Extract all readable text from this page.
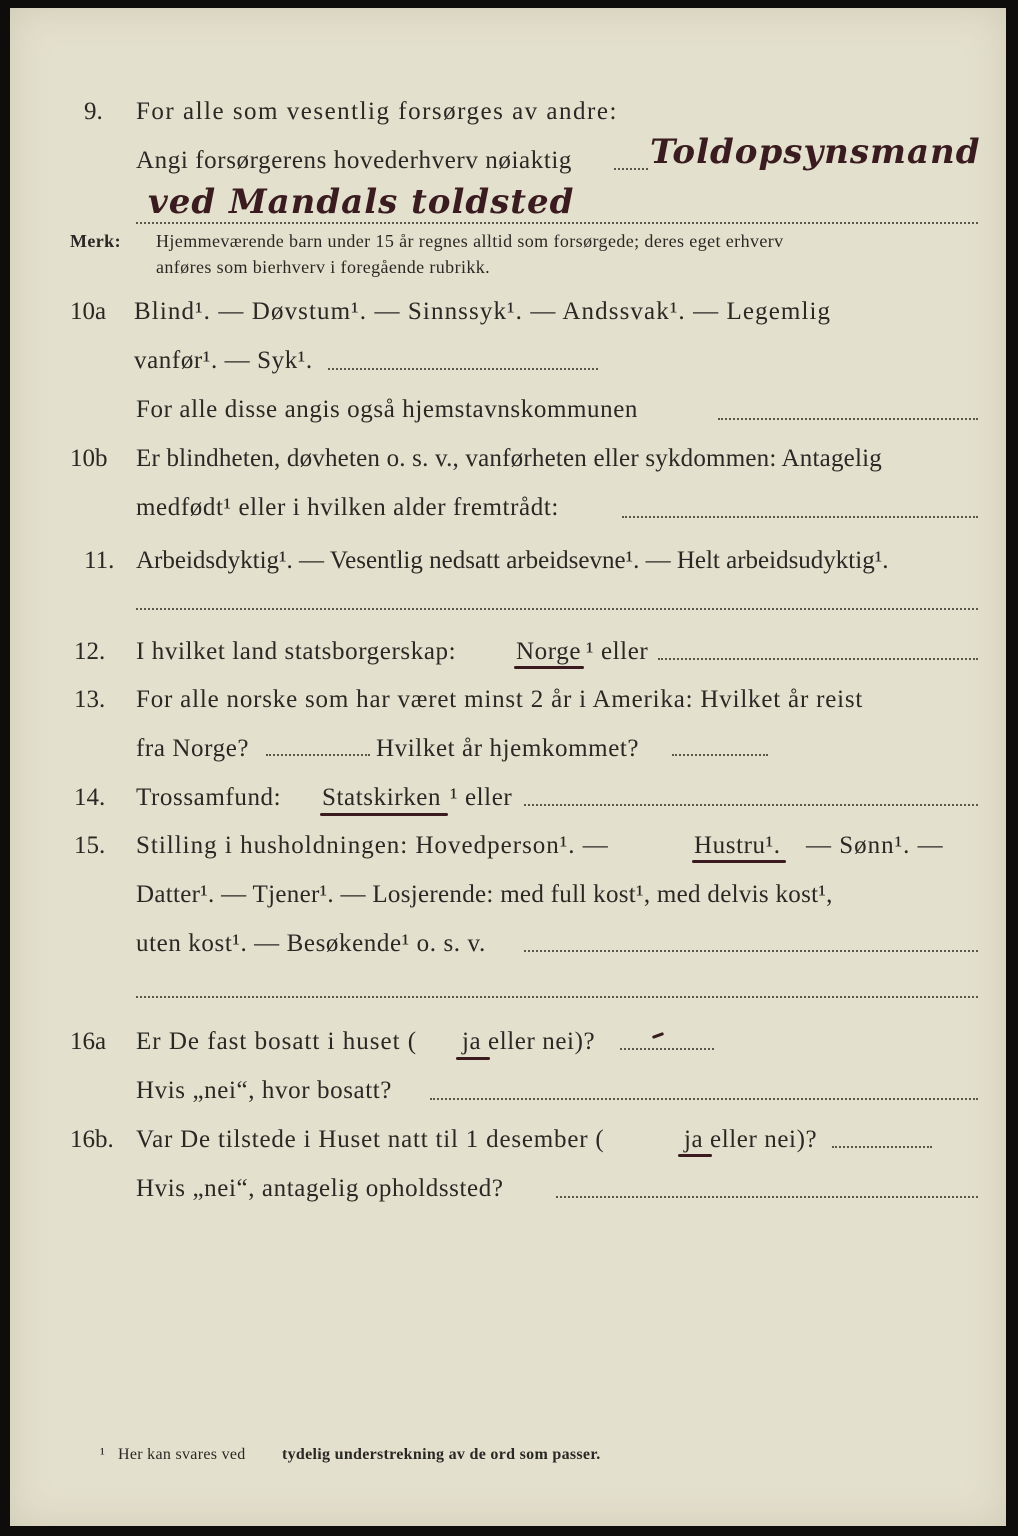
9. For alle som vesentlig forsørges av andre:
Angi forsørgerens hovederhverv nøiaktig Toldopsynsmand
ved Mandals toldsted
Merk: Hjemmeværende barn under 15 år regnes alltid som forsørgede; deres eget erhverv
anføres som bierhverv i foregående rubrikk.
10a Blind¹. — Døvstum¹. — Sinnssyk¹. — Andssvak¹. — Legemlig
vanfør¹. — Syk¹.
For alle disse angis også hjemstavnskommunen
10b Er blindheten, døvheten o. s. v., vanførheten eller sykdommen: Antagelig
medfødt¹ eller i hvilken alder fremtrådt:
11. Arbeidsdyktig¹. — Vesentlig nedsatt arbeidsevne¹. — Helt arbeidsudyktig¹.
12. I hvilket land statsborgerskap: Norge ¹ eller
13. For alle norske som har været minst 2 år i Amerika: Hvilket år reist
fra Norge?	Hvilket år hjemkommet?
14. Trossamfund: Statskirken ¹ eller
15. Stilling i husholdningen: Hovedperson¹. —	Hustru¹. — Sønn¹. —
Datter¹. — Tjener¹. — Losjerende: med full kost¹, med delvis kost¹,
uten kost¹. — Besøkende¹ o. s. v.
16a Er De fast bosatt i huset ( ja eller nei)?
Hvis „nei“, hvor bosatt?
16b. Var De tilstede i Huset natt til 1 desember (	ja eller nei)?
Hvis „nei“, antagelig opholdssted?
¹ Her kan svares ved tydelig understrekning av de ord som passer.
